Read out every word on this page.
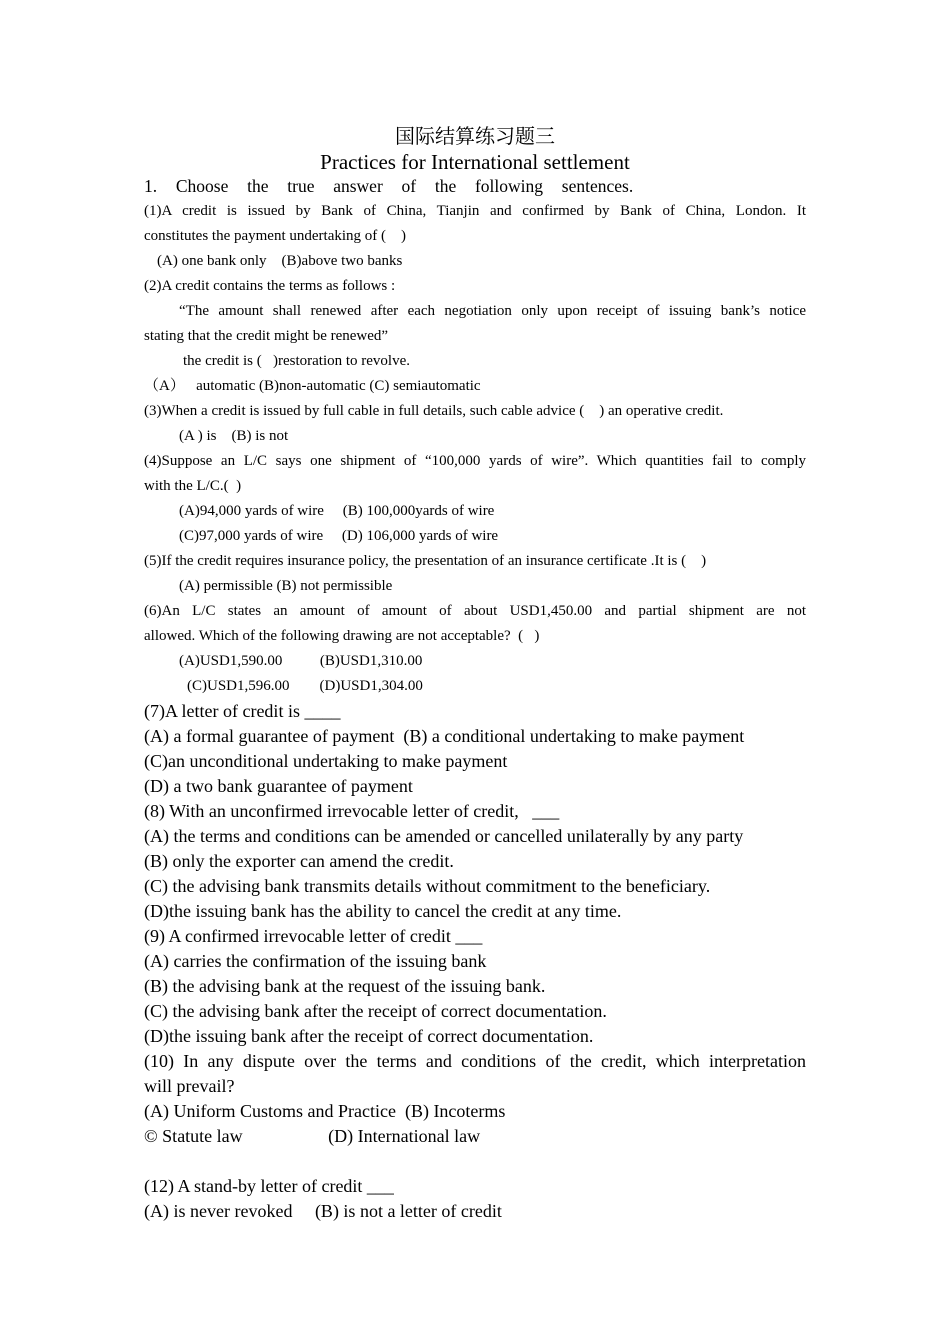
国际结算练习题三
Practices for International settlement
1.  Choose  the  true  answer  of  the  following  sentences.
(1)A credit is issued by Bank of China, Tianjin and confirmed by Bank of China, London. It
constitutes the payment undertaking of (    )
(A) one bank only    (B)above two banks
(2)A credit contains the terms as follows :
“The amount shall renewed after each negotiation only upon receipt of issuing bank’s notice
stating that the credit might be renewed”
the credit is (   )restoration to revolve.
（A）   automatic (B)non-automatic (C) semiautomatic
(3)When a credit is issued by full cable in full details, such cable advice (    ) an operative credit.
(A ) is    (B) is not
(4)Suppose an L/C says one shipment of “100,000 yards of wire”. Which quantities fail to comply
with the L/C.(  )
(A)94,000 yards of wire     (B) 100,000yards of wire
(C)97,000 yards of wire     (D) 106,000 yards of wire
(5)If the credit requires insurance policy, the presentation of an insurance certificate .It is (    )
(A) permissible (B) not permissible
(6)An L/C states an amount of amount of about USD1,450.00 and partial shipment are not
allowed. Which of the following drawing are not acceptable?  (   )
(A)USD1,590.00          (B)USD1,310.00
(C)USD1,596.00        (D)USD1,304.00
(7)A letter of credit is ____
(A) a formal guarantee of payment  (B) a conditional undertaking to make payment
(C)an unconditional undertaking to make payment
(D) a two bank guarantee of payment
(8) With an unconfirmed irrevocable letter of credit,   ___
(A) the terms and conditions can be amended or cancelled unilaterally by any party
(B) only the exporter can amend the credit.
(C) the advising bank transmits details without commitment to the beneficiary.
(D)the issuing bank has the ability to cancel the credit at any time.
(9) A confirmed irrevocable letter of credit ___
(A) carries the confirmation of the issuing bank
(B) the advising bank at the request of the issuing bank.
(C) the advising bank after the receipt of correct documentation.
(D)the issuing bank after the receipt of correct documentation.
(10) In any dispute over the terms and conditions of the credit, which interpretation
will prevail?
(A) Uniform Customs and Practice  (B) Incoterms
© Statute law                   (D) International law
(12) A stand-by letter of credit ___
(A) is never revoked     (B) is not a letter of credit
